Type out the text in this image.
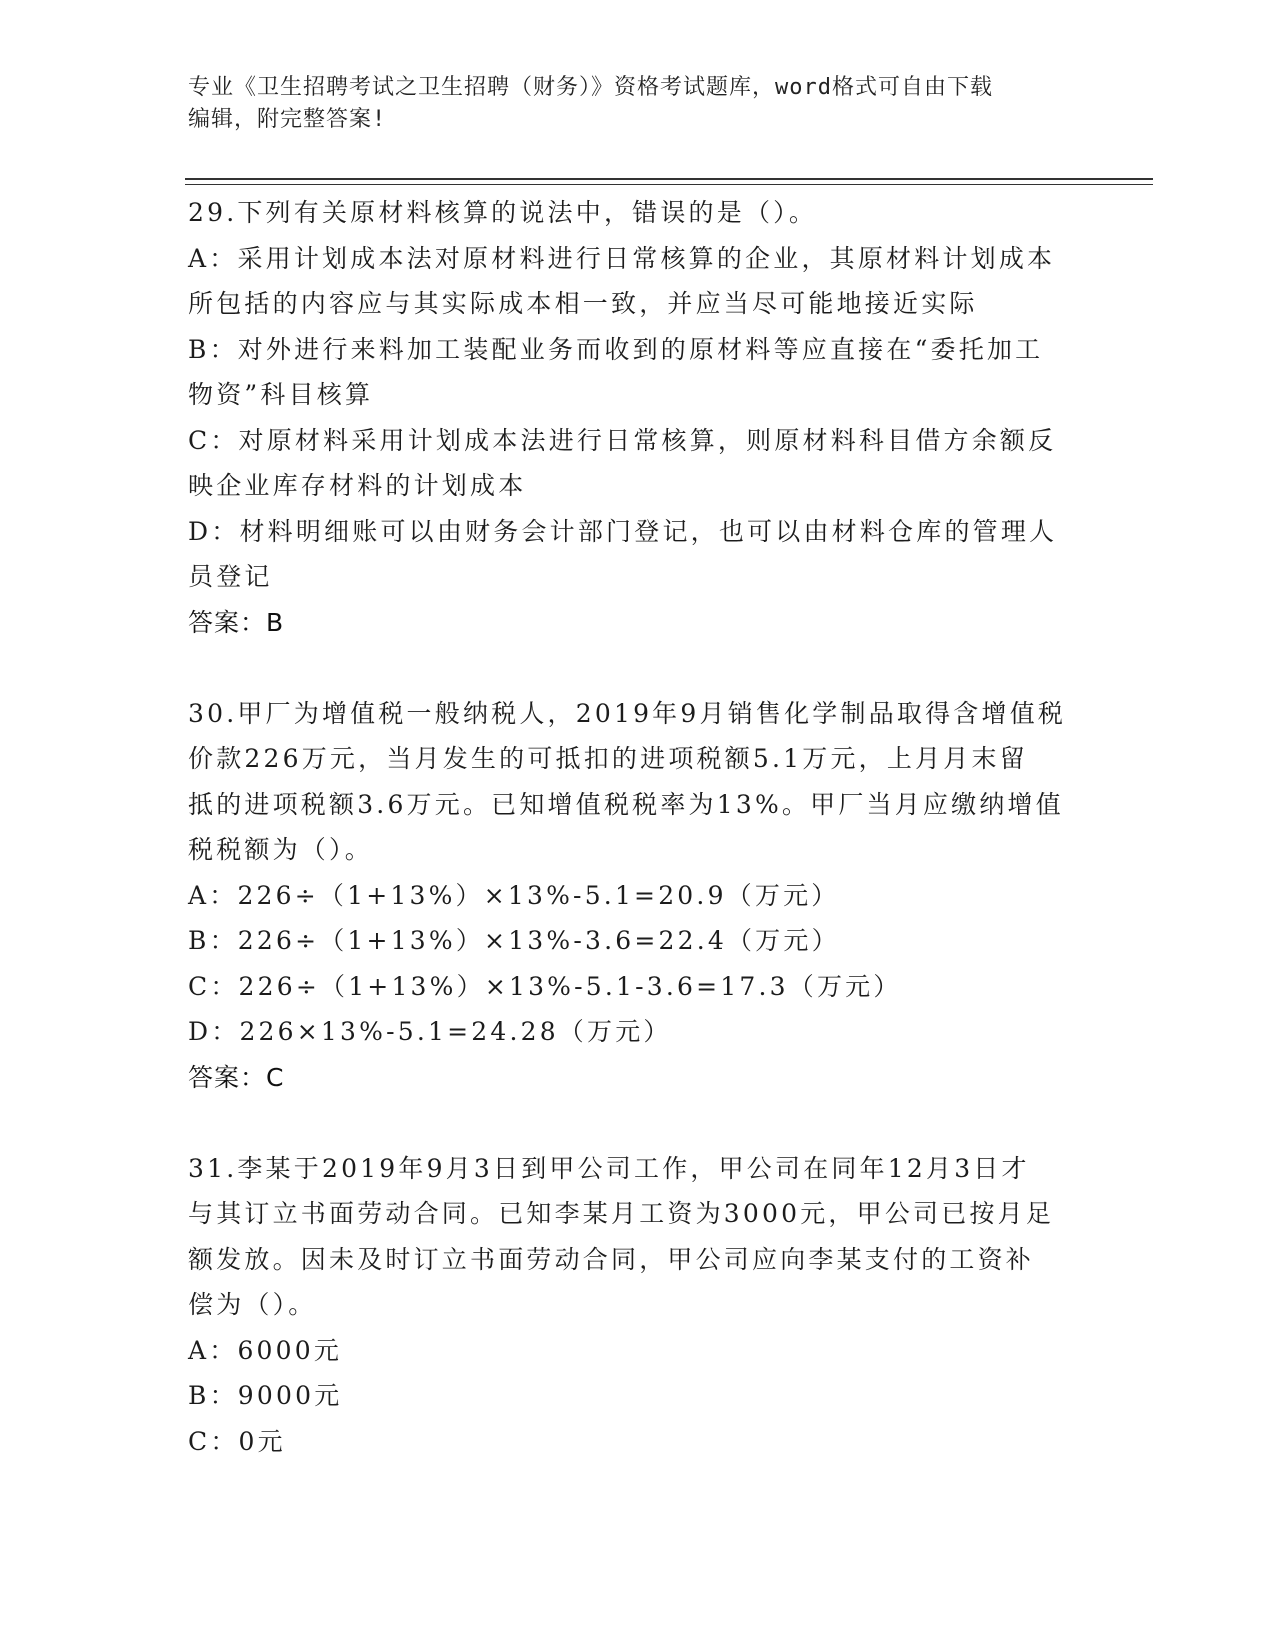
专业《卫生招聘考试之卫生招聘（财务）》资格考试题库，word格式可自由下载
编辑，附完整答案!
29.下列有关原材料核算的说法中，错误的是（）。
A：采用计划成本法对原材料进行日常核算的企业，其原材料计划成本
所包括的内容应与其实际成本相一致，并应当尽可能地接近实际
B：对外进行来料加工装配业务而收到的原材料等应直接在“委托加工
物资”科目核算
C：对原材料采用计划成本法进行日常核算，则原材料科目借方余额反
映企业库存材料的计划成本
D：材料明细账可以由财务会计部门登记，也可以由材料仓库的管理人
员登记
答案：B
30.甲厂为增值税一般纳税人，2019年9月销售化学制品取得含增值税
价款226万元，当月发生的可抵扣的进项税额5.1万元，上月月末留
抵的进项税额3.6万元。已知增值税税率为13%。甲厂当月应缴纳增值
税税额为（）。
A：226÷（1+13%）×13%-5.1=20.9（万元）
B：226÷（1+13%）×13%-3.6=22.4（万元）
C：226÷（1+13%）×13%-5.1-3.6=17.3（万元）
D：226×13%-5.1=24.28（万元）
答案：C
31.李某于2019年9月3日到甲公司工作，甲公司在同年12月3日才
与其订立书面劳动合同。已知李某月工资为3000元，甲公司已按月足
额发放。因未及时订立书面劳动合同，甲公司应向李某支付的工资补
偿为（）。
A：6000元
B：9000元
C：0元
